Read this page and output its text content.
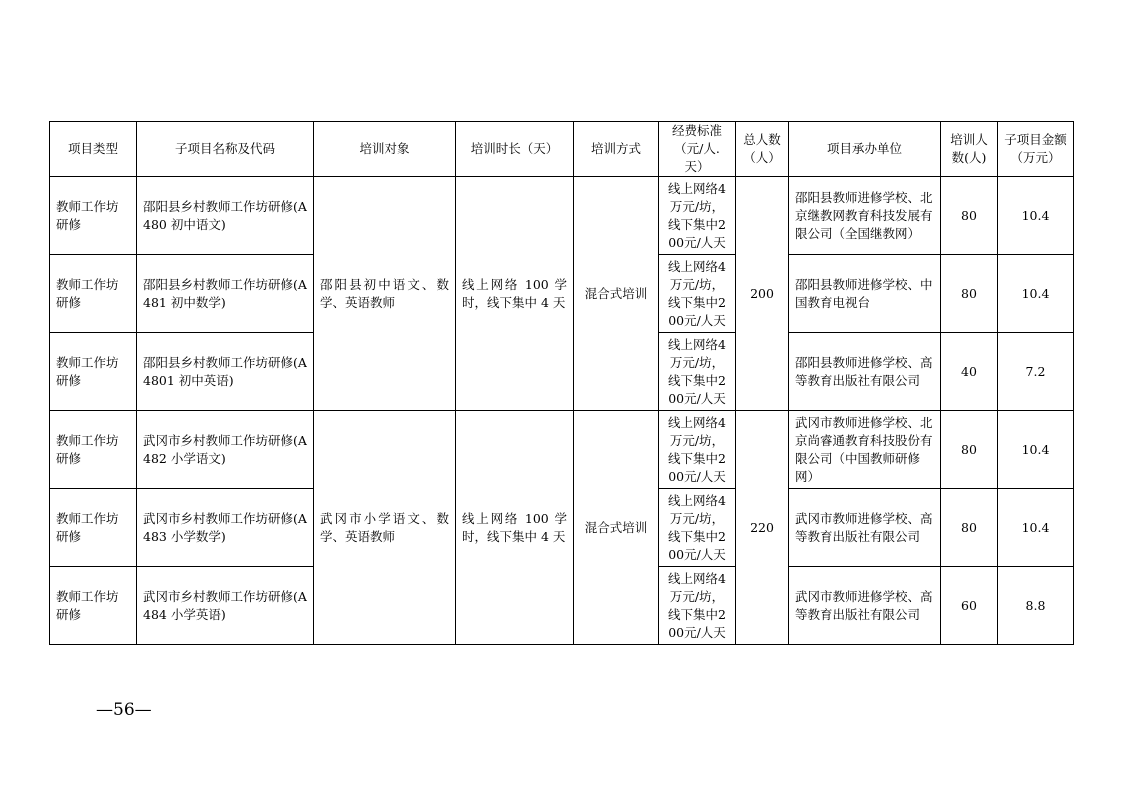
项目类型	子项目名称及代码	培训对象	培训时长（天）	培训方式	经费标准（元/人.天）	总人数（人）	项目承办单位	培训人数(人)	子项目金额（万元）
教师工作坊研修	邵阳县乡村教师工作坊研修(A480 初中语文)	邵阳县初中语文、数学、英语教师	线上网络 100 学时，线下集中 4 天	混合式培训	线上网络4万元/坊，线下集中200元/人天	200	邵阳县教师进修学校、北京继教网教育科技发展有限公司（全国继教网）	80	10.4
教师工作坊研修	邵阳县乡村教师工作坊研修(A481 初中数学)				线上网络4万元/坊，线下集中200元/人天		邵阳县教师进修学校、中国教育电视台	80	10.4
教师工作坊研修	邵阳县乡村教师工作坊研修(A4801 初中英语)				线上网络4万元/坊，线下集中200元/人天		邵阳县教师进修学校、高等教育出版社有限公司	40	7.2
教师工作坊研修	武冈市乡村教师工作坊研修(A482 小学语文)	武冈市小学语文、数学、英语教师	线上网络 100 学时，线下集中 4 天	混合式培训	线上网络4万元/坊，线下集中200元/人天	220	武冈市教师进修学校、北京尚睿通教育科技股份有限公司（中国教师研修网）	80	10.4
教师工作坊研修	武冈市乡村教师工作坊研修(A483 小学数学)				线上网络4万元/坊，线下集中200元/人天		武冈市教师进修学校、高等教育出版社有限公司	80	10.4
教师工作坊研修	武冈市乡村教师工作坊研修(A484 小学英语)				线上网络4万元/坊，线下集中200元/人天		武冈市教师进修学校、高等教育出版社有限公司	60	8.8
—56—
